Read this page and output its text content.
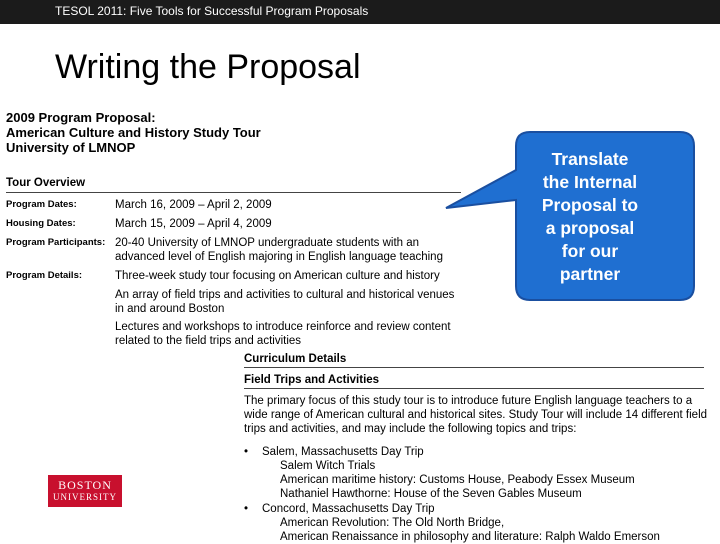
TESOL 2011: Five Tools for Successful Program Proposals
Writing the Proposal
2009 Program Proposal:
American Culture and History Study Tour
University of LMNOP
Tour Overview
Program Dates:	March 16, 2009 – April 2, 2009
Housing Dates:	March 15, 2009 – April 4, 2009
Program Participants: 20-40 University of LMNOP undergraduate students with an advanced level of English majoring in English language teaching
Program Details:	Three-week study tour focusing on American culture and history
An array of field trips and activities to cultural and historical venues in and around Boston
Lectures and workshops to introduce reinforce and review content related to the field trips and activities
Curriculum Details
Field Trips and Activities
The primary focus of this study tour is to introduce future English language teachers to a wide range of American cultural and historical sites. Study Tour will include 14 different field trips and activities, and may include the following topics and trips:
• Salem, Massachusetts Day Trip
Salem Witch Trials
American maritime history: Customs House, Peabody Essex Museum
Nathaniel Hawthorne: House of the Seven Gables Museum
• Concord, Massachusetts Day Trip
American Revolution: The Old North Bridge,
American Renaissance in philosophy and literature: Ralph Waldo Emerson
BOSTON
UNIVERSITY
Translate
the Internal
Proposal to
a proposal
for our
partner
